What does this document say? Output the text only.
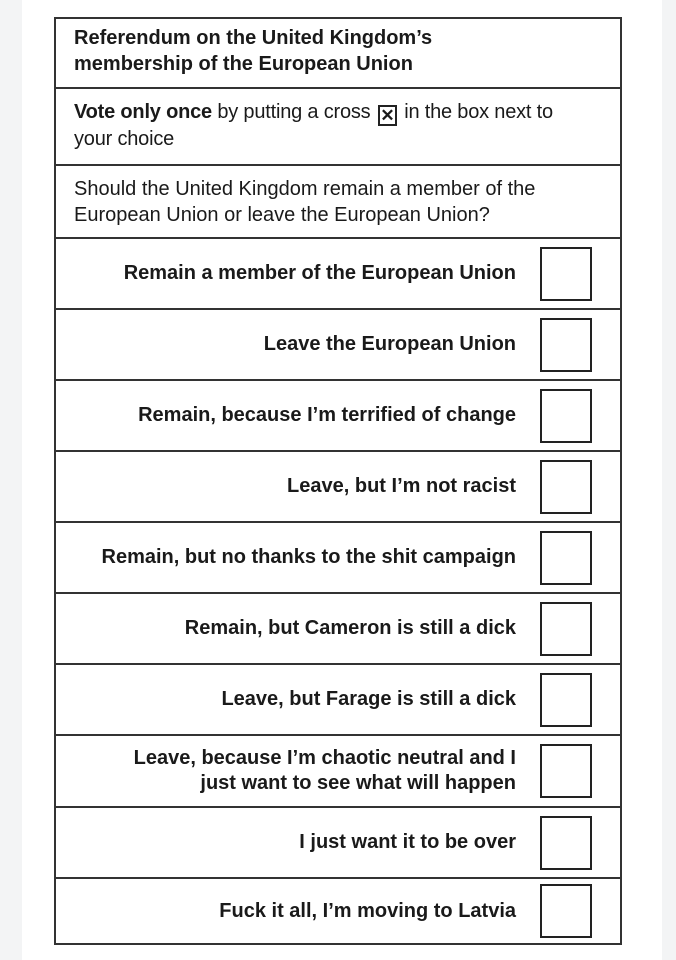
Referendum on the United Kingdom’s
membership of the European Union
Vote only once by putting a cross ✕ in the box next to
your choice
Should the United Kingdom remain a member of the
European Union or leave the European Union?
Remain a member of the European Union
Leave the European Union
Remain, because I’m terrified of change
Leave, but I’m not racist
Remain, but no thanks to the shit campaign
Remain, but Cameron is still a dick
Leave, but Farage is still a dick
Leave, because I’m chaotic neutral and I
just want to see what will happen
I just want it to be over
Fuck it all, I’m moving to Latvia
